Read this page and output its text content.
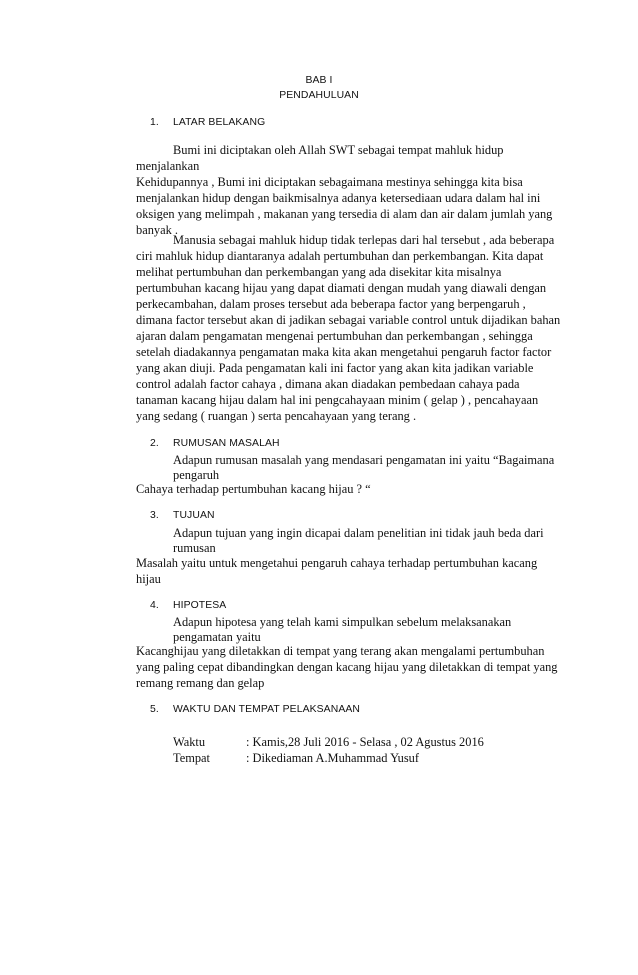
BAB I
PENDAHULUAN
1. LATAR BELAKANG
Bumi ini diciptakan oleh Allah SWT sebagai tempat mahluk hidup
menjalankan
Kehidupannya , Bumi ini diciptakan sebagaimana mestinya sehingga kita bisa
menjalankan hidup dengan baikmisalnya adanya ketersediaan udara dalam hal ini
oksigen yang melimpah , makanan yang tersedia di alam dan air dalam jumlah yang
banyak .
Manusia sebagai mahluk hidup tidak terlepas dari hal tersebut , ada beberapa
ciri mahluk hidup diantaranya adalah pertumbuhan dan perkembangan. Kita dapat
melihat pertumbuhan dan perkembangan yang ada disekitar kita misalnya
pertumbuhan kacang hijau yang dapat diamati dengan mudah yang diawali dengan
perkecambahan, dalam proses tersebut ada beberapa factor yang berpengaruh ,
dimana factor tersebut akan di jadikan sebagai variable control untuk dijadikan bahan
ajaran dalam pengamatan mengenai pertumbuhan dan perkembangan , sehingga
setelah diadakannya pengamatan maka kita akan mengetahui pengaruh factor factor
yang akan diuji. Pada pengamatan kali ini factor yang akan kita jadikan variable
control adalah factor cahaya , dimana akan diadakan pembedaan cahaya pada
tanaman kacang hijau dalam hal ini pengcahayaan minim ( gelap ) , pencahayaan
yang sedang ( ruangan ) serta pencahayaan yang terang .
2. RUMUSAN MASALAH
Adapun rumusan masalah yang mendasari pengamatan ini yaitu “Bagaimana
pengaruh
Cahaya terhadap pertumbuhan kacang hijau ? “
3. TUJUAN
Adapun tujuan yang ingin dicapai dalam penelitian ini tidak jauh beda dari
rumusan
Masalah yaitu untuk mengetahui pengaruh cahaya terhadap pertumbuhan kacang
hijau
4. HIPOTESA
Adapun hipotesa yang telah kami simpulkan sebelum melaksanakan
pengamatan yaitu
Kacanghijau yang diletakkan di tempat yang terang akan mengalami pertumbuhan
yang paling cepat dibandingkan dengan kacang hijau yang diletakkan di tempat yang
remang remang dan gelap
5. WAKTU DAN TEMPAT PELAKSANAAN
Waktu	: Kamis,28 Juli 2016 - Selasa , 02 Agustus 2016
Tempat	: Dikediaman A.Muhammad Yusuf
